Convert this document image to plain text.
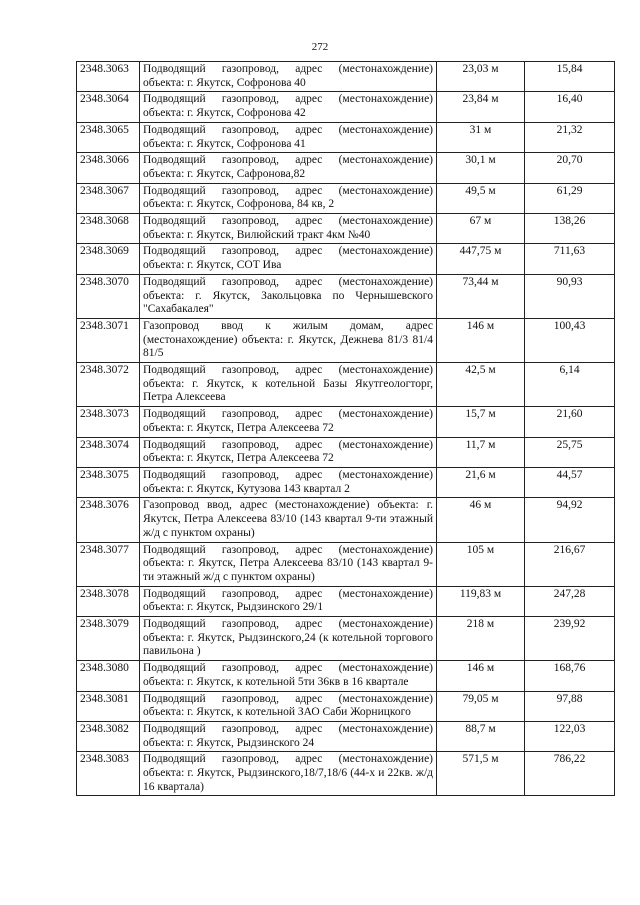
272
2348.3063	Подводящий газопровод, адрес (местонахождение) объекта: г. Якутск, Софронова 40	23,03 м	15,84
2348.3064	Подводящий газопровод, адрес (местонахождение) объекта: г. Якутск, Софронова 42	23,84 м	16,40
2348.3065	Подводящий газопровод, адрес (местонахождение) объекта: г. Якутск, Софронова 41	31 м	21,32
2348.3066	Подводящий газопровод, адрес (местонахождение) объекта: г. Якутск, Сафронова,82	30,1 м	20,70
2348.3067	Подводящий газопровод, адрес (местонахождение) объекта: г. Якутск, Софронова, 84 кв, 2	49,5 м	61,29
2348.3068	Подводящий газопровод, адрес (местонахождение) объекта: г. Якутск, Вилюйский тракт 4км №40	67 м	138,26
2348.3069	Подводящий газопровод, адрес (местонахождение) объекта: г. Якутск, СОТ Ива	447,75 м	711,63
2348.3070	Подводящий газопровод, адрес (местонахождение) объекта: г. Якутск, Закольцовка по Чернышевского "Сахабакалея"	73,44 м	90,93
2348.3071	Газопровод ввод к жилым домам, адрес (местонахождение) объекта: г. Якутск, Дежнева 81/3 81/4 81/5	146 м	100,43
2348.3072	Подводящий газопровод, адрес (местонахождение) объекта: г. Якутск, к котельной Базы Якутгеологторг, Петра Алексеева	42,5 м	6,14
2348.3073	Подводящий газопровод, адрес (местонахождение) объекта: г. Якутск, Петра Алексеева 72	15,7 м	21,60
2348.3074	Подводящий газопровод, адрес (местонахождение) объекта: г. Якутск, Петра Алексеева 72	11,7 м	25,75
2348.3075	Подводящий газопровод, адрес (местонахождение) объекта: г. Якутск, Кутузова 143 квартал 2	21,6 м	44,57
2348.3076	Газопровод ввод, адрес (местонахождение) объекта: г. Якутск, Петра Алексеева 83/10 (143 квартал 9-ти этажный ж/д с пунктом охраны)	46 м	94,92
2348.3077	Подводящий газопровод, адрес (местонахождение) объекта: г. Якутск, Петра Алексеева 83/10 (143 квартал 9-ти этажный ж/д с пунктом охраны)	105 м	216,67
2348.3078	Подводящий газопровод, адрес (местонахождение) объекта: г. Якутск, Рыдзинского 29/1	119,83 м	247,28
2348.3079	Подводящий газопровод, адрес (местонахождение) объекта: г. Якутск, Рыдзинского,24 (к котельной торгового павильона )	218 м	239,92
2348.3080	Подводящий газопровод, адрес (местонахождение) объекта: г. Якутск, к котельной 5ти 36кв в 16 квартале	146 м	168,76
2348.3081	Подводящий газопровод, адрес (местонахождение) объекта: г. Якутск, к котельной ЗАО Саби Жорницкого	79,05 м	97,88
2348.3082	Подводящий газопровод, адрес (местонахождение) объекта: г. Якутск, Рыдзинского 24	88,7 м	122,03
2348.3083	Подводящий газопровод, адрес (местонахождение) объекта: г. Якутск, Рыдзинского,18/7,18/6 (44-х и 22кв. ж/д 16 квартала)	571,5 м	786,22
